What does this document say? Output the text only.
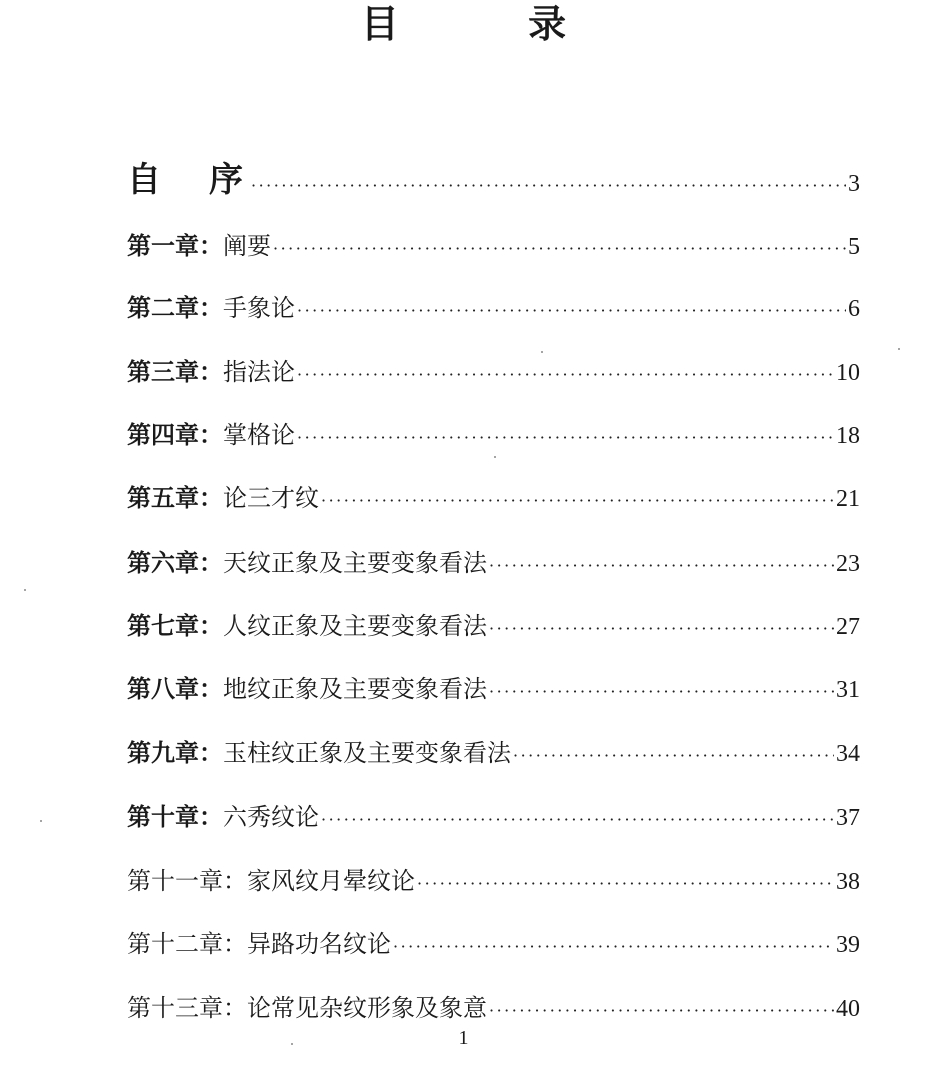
目 录
自序 ·····	3
第一章：阐要 ·····	5
第二章：手象论 ·····	6
第三章：指法论 ·····	10
第四章：掌格论 ·····	18
第五章：论三才纹 ·····	21
第六章：天纹正象及主要变象看法 ·····	23
第七章：人纹正象及主要变象看法 ·····	27
第八章：地纹正象及主要变象看法 ·····	31
第九章：玉柱纹正象及主要变象看法 ·····	34
第十章：六秀纹论 ·····	37
第十一章：家风纹月晕纹论 ·····	38
第十二章：异路功名纹论 ·····	39
第十三章：论常见杂纹形象及象意 ·····	40
1
